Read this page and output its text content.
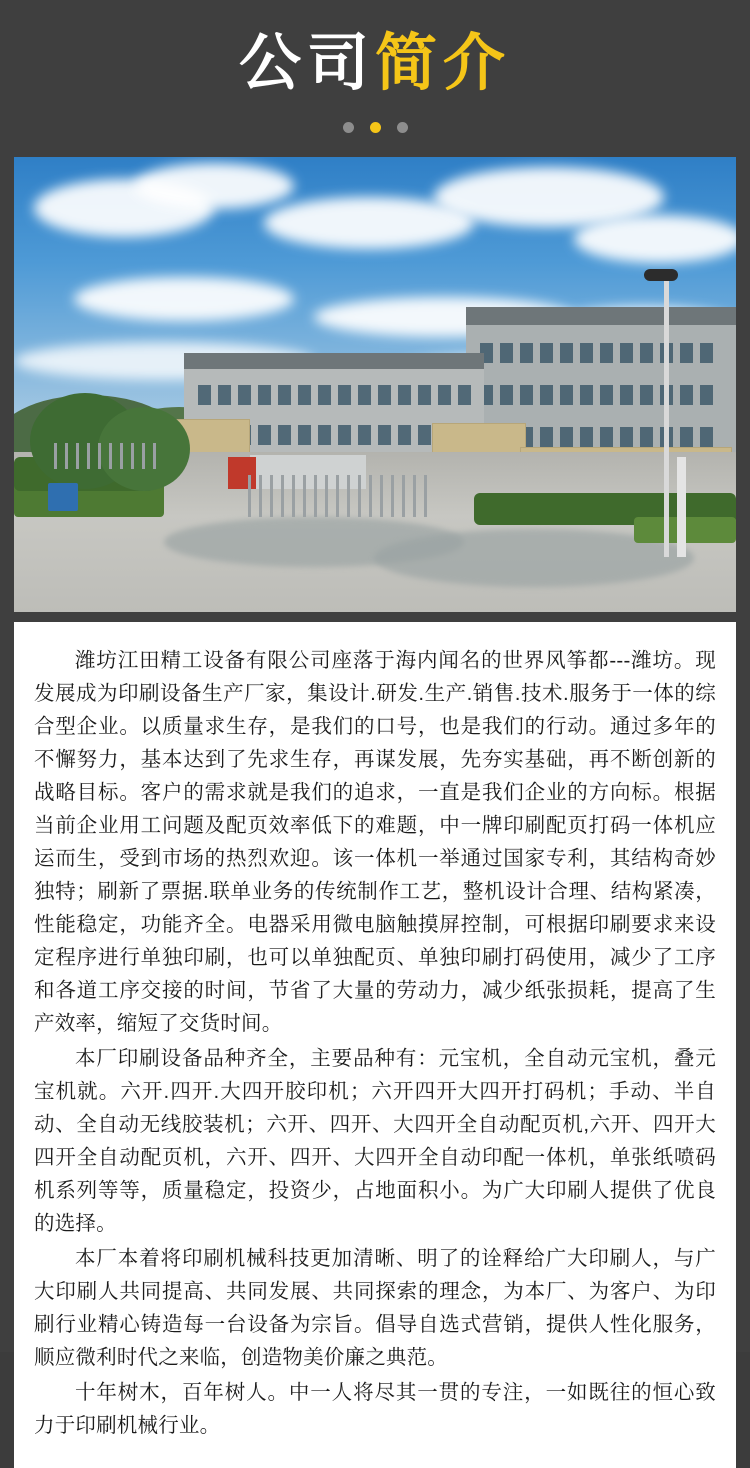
公司简介

潍坊江田精工设备有限公司座落于海内闻名的世界风筝都---潍坊。现发展成为印刷设备生产厂家，集设计.研发.生产.销售.技术.服务于一体的综合型企业。以质量求生存，是我们的口号，也是我们的行动。通过多年的不懈努力，基本达到了先求生存，再谋发展，先夯实基础，再不断创新的战略目标。客户的需求就是我们的追求，一直是我们企业的方向标。根据当前企业用工问题及配页效率低下的难题，中一牌印刷配页打码一体机应运而生，受到市场的热烈欢迎。该一体机一举通过国家专利，其结构奇妙独特；刷新了票据.联单业务的传统制作工艺，整机设计合理、结构紧凑，性能稳定，功能齐全。电器采用微电脑触摸屏控制，可根据印刷要求来设定程序进行单独印刷，也可以单独配页、单独印刷打码使用，减少了工序和各道工序交接的时间，节省了大量的劳动力，减少纸张损耗，提高了生产效率，缩短了交货时间。

本厂印刷设备品种齐全，主要品种有：元宝机，全自动元宝机，叠元宝机就。六开.四开.大四开胶印机；六开四开大四开打码机；手动、半自动、全自动无线胶装机；六开、四开、大四开全自动配页机,六开、四开大四开全自动配页机，六开、四开、大四开全自动印配一体机，单张纸喷码机系列等等，质量稳定，投资少，占地面积小。为广大印刷人提供了优良的选择。

本厂本着将印刷机械科技更加清晰、明了的诠释给广大印刷人，与广大印刷人共同提高、共同发展、共同探索的理念，为本厂、为客户、为印刷行业精心铸造每一台设备为宗旨。倡导自选式营销，提供人性化服务，顺应微利时代之来临，创造物美价廉之典范。

十年树木，百年树人。中一人将尽其一贯的专注，一如既往的恒心致力于印刷机械行业。
